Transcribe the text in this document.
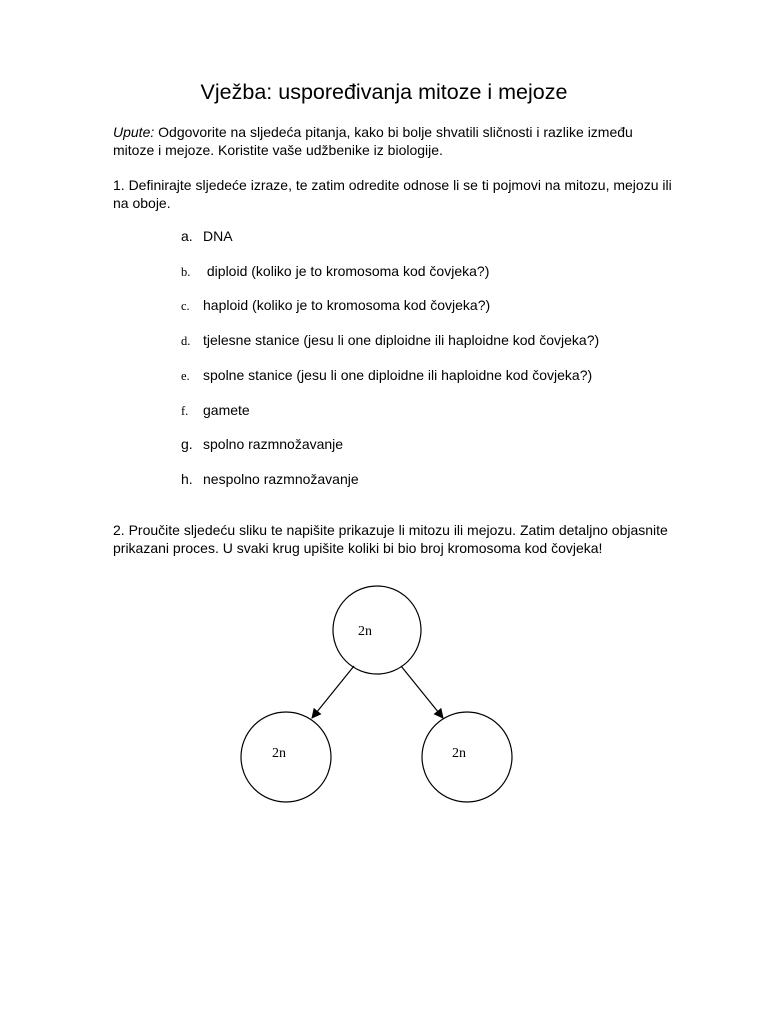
Vježba: uspoređivanja mitoze i mejoze
Upute: Odgovorite na sljedeća pitanja, kako bi bolje shvatili sličnosti i razlike između mitoze i mejoze. Koristite vaše udžbenike iz biologije.
1. Definirajte sljedeće izraze, te zatim odredite odnose li se ti pojmovi na mitozu, mejozu ili na oboje.
a. DNA
b. diploid (koliko je to kromosoma kod čovjeka?)
c. haploid (koliko je to kromosoma kod čovjeka?)
d. tjelesne stanice (jesu li one diploidne ili haploidne kod čovjeka?)
e. spolne stanice (jesu li one diploidne ili haploidne kod čovjeka?)
f. gamete
g. spolno razmnožavanje
h. nespolno razmnožavanje
2. Proučite sljedeću sliku te napišite prikazuje li mitozu ili mejozu. Zatim detaljno objasnite prikazani proces. U svaki krug upišite koliki bi bio broj kromosoma kod čovjeka!
2n
2n	2n
